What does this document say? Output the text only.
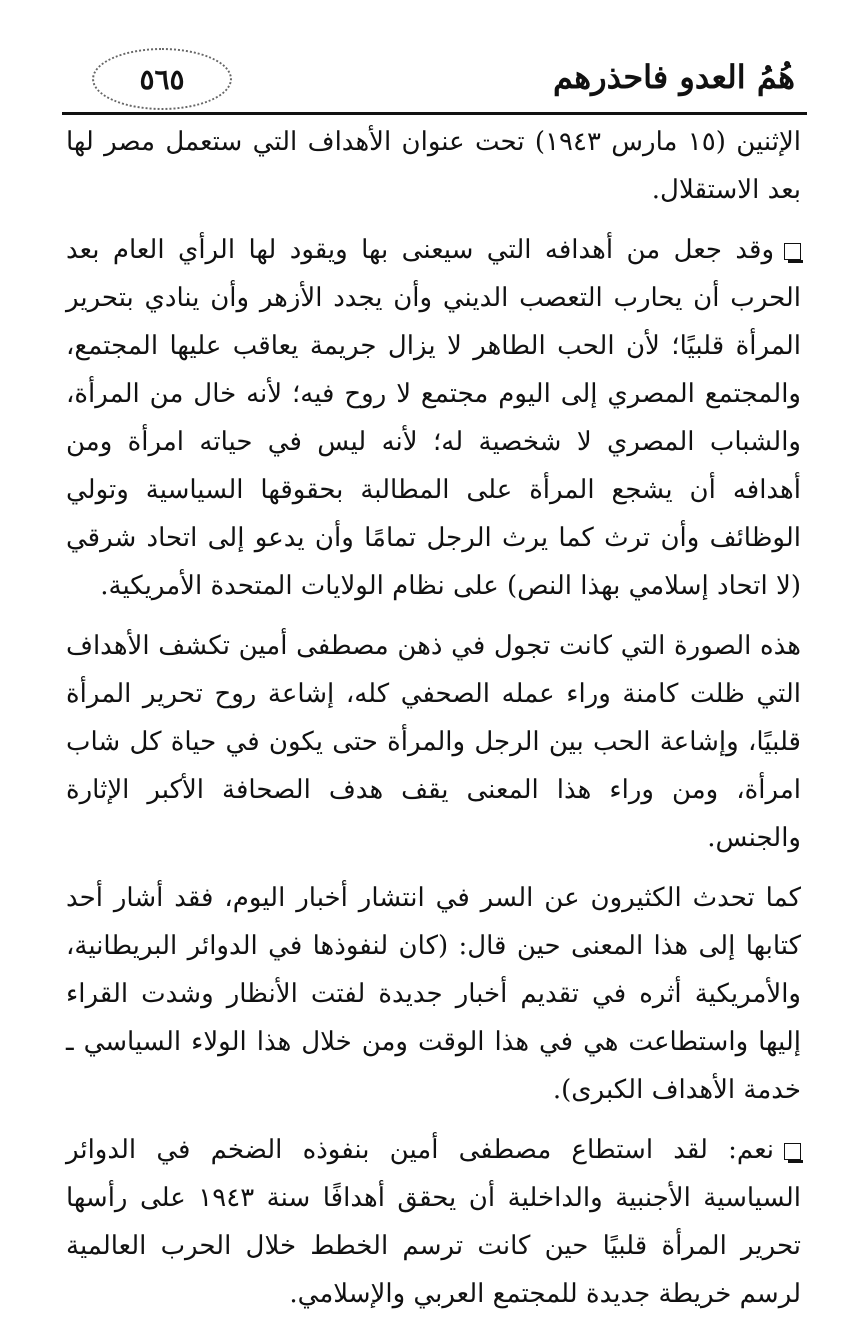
٥٦٥	هُمُ العدو فاحذرهم

الإثنين (١٥ مارس ١٩٤٣) تحت عنوان الأهداف التي ستعمل مصر لها بعد الاستقلال.

وقد جعل من أهدافه التي سيعنى بها ويقود لها الرأي العام بعد الحرب أن يحارب التعصب الديني وأن يجدد الأزهر وأن ينادي بتحرير المرأة قلبيًا؛ لأن الحب الطاهر لا يزال جريمة يعاقب عليها المجتمع، والمجتمع المصري إلى اليوم مجتمع لا روح فيه؛ لأنه خال من المرأة، والشباب المصري لا شخصية له؛ لأنه ليس في حياته امرأة ومن أهدافه أن يشجع المرأة على المطالبة بحقوقها السياسية وتولي الوظائف وأن ترث كما يرث الرجل تمامًا وأن يدعو إلى اتحاد شرقي (لا اتحاد إسلامي بهذا النص) على نظام الولايات المتحدة الأمريكية.

هذه الصورة التي كانت تجول في ذهن مصطفى أمين تكشف الأهداف التي ظلت كامنة وراء عمله الصحفي كله، إشاعة روح تحرير المرأة قلبيًا، وإشاعة الحب بين الرجل والمرأة حتى يكون في حياة كل شاب امرأة، ومن وراء هذا المعنى يقف هدف الصحافة الأكبر الإثارة والجنس.

كما تحدث الكثيرون عن السر في انتشار أخبار اليوم، فقد أشار أحد كتابها إلى هذا المعنى حين قال: (كان لنفوذها في الدوائر البريطانية، والأمريكية أثره في تقديم أخبار جديدة لفتت الأنظار وشدت القراء إليها واستطاعت هي في هذا الوقت ومن خلال هذا الولاء السياسي ـ خدمة الأهداف الكبرى).

نعم: لقد استطاع مصطفى أمين بنفوذه الضخم في الدوائر السياسية الأجنبية والداخلية أن يحقق أهدافًا سنة ١٩٤٣ على رأسها تحرير المرأة قلبيًا حين كانت ترسم الخطط خلال الحرب العالمية لرسم خريطة جديدة للمجتمع العربي والإسلامي.
